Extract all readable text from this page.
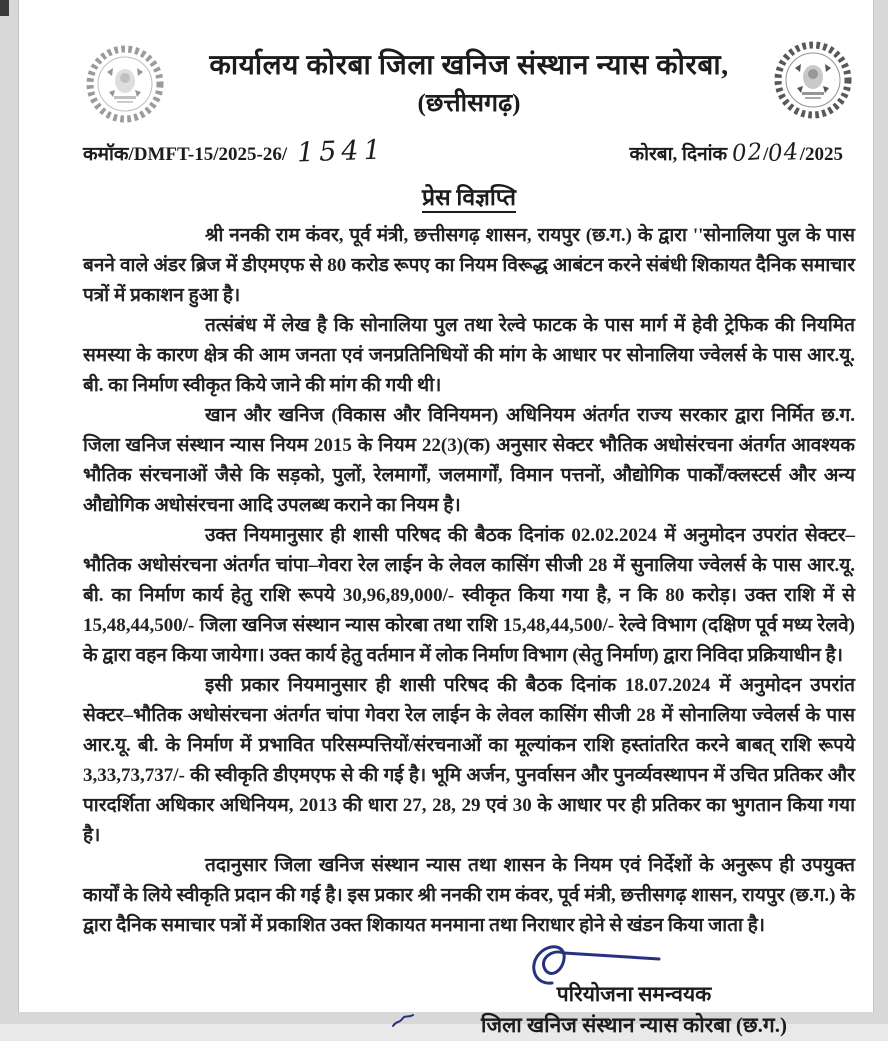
कार्यालय कोरबा जिला खनिज संस्थान न्यास कोरबा,
(छत्तीसगढ़)
कमॉक/DMFT-15/2025-26/ 1541	कोरबा, दिनांक 02/04/2025
प्रेस विज्ञप्ति

श्री ननकी राम कंवर, पूर्व मंत्री, छत्तीसगढ़ शासन, रायपुर (छ.ग.) के द्वारा ''सोनालिया पुल के पास बनने वाले अंडर ब्रिज में डीएमएफ से 80 करोड रूपए का नियम विरूद्ध आबंटन करने संबंधी शिकायत दैनिक समाचार पत्रों में प्रकाशन हुआ है।

तत्संबंध में लेख है कि सोनालिया पुल तथा रेल्वे फाटक के पास मार्ग में हेवी ट्रेफिक की नियमित समस्या के कारण क्षेत्र की आम जनता एवं जनप्रतिनिधियों की मांग के आधार पर सोनालिया ज्वेलर्स के पास आर.यू. बी. का निर्माण स्वीकृत किये जाने की मांग की गयी थी।

खान और खनिज (विकास और विनियमन) अधिनियम अंतर्गत राज्य सरकार द्वारा निर्मित छ.ग. जिला खनिज संस्थान न्यास नियम 2015 के नियम 22(3)(क) अनुसार सेक्टर भौतिक अधोसंरचना अंतर्गत आवश्यक भौतिक संरचनाओं जैसे कि सड़को, पुलों, रेलमार्गों, जलमार्गों, विमान पत्तनों, औद्योगिक पार्कों/क्लस्टर्स और अन्य औद्योगिक अधोसंरचना आदि उपलब्ध कराने का नियम है।

उक्त नियमानुसार ही शासी परिषद की बैठक दिनांक 02.02.2024 में अनुमोदन उपरांत सेक्टर–भौतिक अधोसंरचना अंतर्गत चांपा–गेवरा रेल लाईन के लेवल कासिंग सीजी 28 में सुनालिया ज्वेलर्स के पास आर.यू. बी. का निर्माण कार्य हेतु राशि रूपये 30,96,89,000/- स्वीकृत किया गया है, न कि 80 करोड़। उक्त राशि में से 15,48,44,500/- जिला खनिज संस्थान न्यास कोरबा तथा राशि 15,48,44,500/- रेल्वे विभाग (दक्षिण पूर्व मध्य रेलवे) के द्वारा वहन किया जायेगा। उक्त कार्य हेतु वर्तमान में लोक निर्माण विभाग (सेतु निर्माण) द्वारा निविदा प्रक्रियाधीन है।

इसी प्रकार नियमानुसार ही शासी परिषद की बैठक दिनांक 18.07.2024 में अनुमोदन उपरांत सेक्टर–भौतिक अधोसंरचना अंतर्गत चांपा गेवरा रेल लाईन के लेवल कासिंग सीजी 28 में सोनालिया ज्वेलर्स के पास आर.यू. बी. के निर्माण में प्रभावित परिसम्पत्तियों/संरचनाओं का मूल्यांकन राशि हस्तांतरित करने बाबत् राशि रूपये 3,33,73,737/- की स्वीकृति डीएमएफ से की गई है। भूमि अर्जन, पुनर्वासन और पुनर्व्यवस्थापन में उचित प्रतिकर और पारदर्शिता अधिकार अधिनियम, 2013 की धारा 27, 28, 29 एवं 30 के आधार पर ही प्रतिकर का भुगतान किया गया है।

तदानुसार जिला खनिज संस्थान न्यास तथा शासन के नियम एवं निर्देशों के अनुरूप ही उपयुक्त कार्यों के लिये स्वीकृति प्रदान की गई है। इस प्रकार श्री ननकी राम कंवर, पूर्व मंत्री, छत्तीसगढ़ शासन, रायपुर (छ.ग.) के द्वारा दैनिक समाचार पत्रों में प्रकाशित उक्त शिकायत मनमाना तथा निराधार होने से खंडन किया जाता है।

परियोजना समन्वयक
जिला खनिज संस्थान न्यास कोरबा (छ.ग.)
